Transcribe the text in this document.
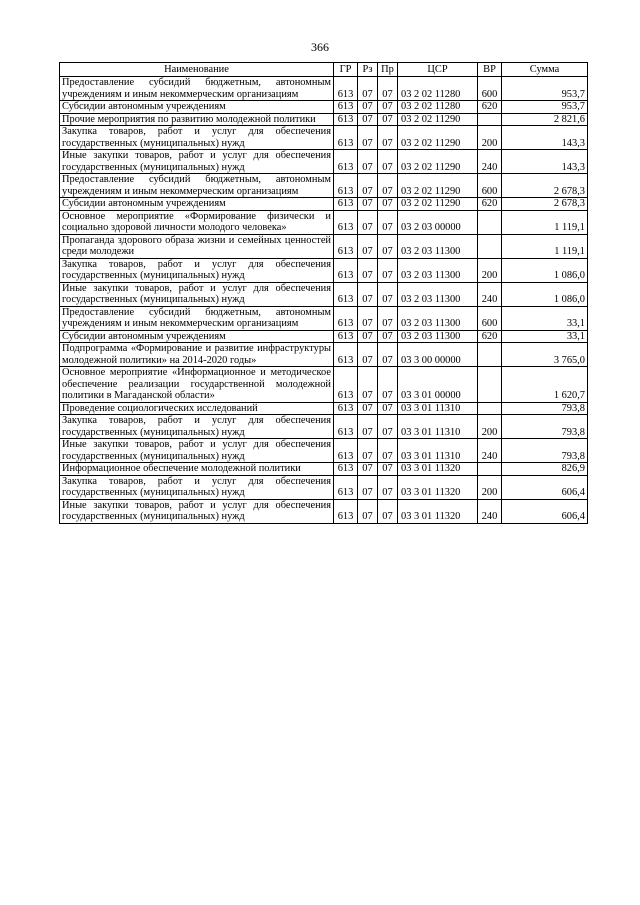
366
Наименование	ГР	Рз	Пр	ЦСР	ВР	Сумма
Предоставление субсидий бюджетным, автономным учреждениям и иным некоммерческим организациям	613	07	07	03 2 02 11280	600	953,7
Субсидии автономным учреждениям	613	07	07	03 2 02 11280	620	953,7
Прочие мероприятия по развитию молодежной политики	613	07	07	03 2 02 11290		2 821,6
Закупка товаров, работ и услуг для обеспечения государственных (муниципальных) нужд	613	07	07	03 2 02 11290	200	143,3
Иные закупки товаров, работ и услуг для обеспечения государственных (муниципальных) нужд	613	07	07	03 2 02 11290	240	143,3
Предоставление субсидий бюджетным, автономным учреждениям и иным некоммерческим организациям	613	07	07	03 2 02 11290	600	2 678,3
Субсидии автономным учреждениям	613	07	07	03 2 02 11290	620	2 678,3
Основное мероприятие «Формирование физически и социально здоровой личности молодого человека»	613	07	07	03 2 03 00000		1 119,1
Пропаганда здорового образа жизни и семейных ценностей среди молодежи	613	07	07	03 2 03 11300		1 119,1
Закупка товаров, работ и услуг для обеспечения государственных (муниципальных) нужд	613	07	07	03 2 03 11300	200	1 086,0
Иные закупки товаров, работ и услуг для обеспечения государственных (муниципальных) нужд	613	07	07	03 2 03 11300	240	1 086,0
Предоставление субсидий бюджетным, автономным учреждениям и иным некоммерческим организациям	613	07	07	03 2 03 11300	600	33,1
Субсидии автономным учреждениям	613	07	07	03 2 03 11300	620	33,1
Подпрограмма «Формирование и развитие инфраструктуры молодежной политики» на 2014-2020 годы»	613	07	07	03 3 00 00000		3 765,0
Основное мероприятие «Информационное и методическое обеспечение реализации государственной молодежной политики в Магаданской области»	613	07	07	03 3 01 00000		1 620,7
Проведение социологических исследований	613	07	07	03 3 01 11310		793,8
Закупка товаров, работ и услуг для обеспечения государственных (муниципальных) нужд	613	07	07	03 3 01 11310	200	793,8
Иные закупки товаров, работ и услуг для обеспечения государственных (муниципальных) нужд	613	07	07	03 3 01 11310	240	793,8
Информационное обеспечение молодежной политики	613	07	07	03 3 01 11320		826,9
Закупка товаров, работ и услуг для обеспечения государственных (муниципальных) нужд	613	07	07	03 3 01 11320	200	606,4
Иные закупки товаров, работ и услуг для обеспечения государственных (муниципальных) нужд	613	07	07	03 3 01 11320	240	606,4
